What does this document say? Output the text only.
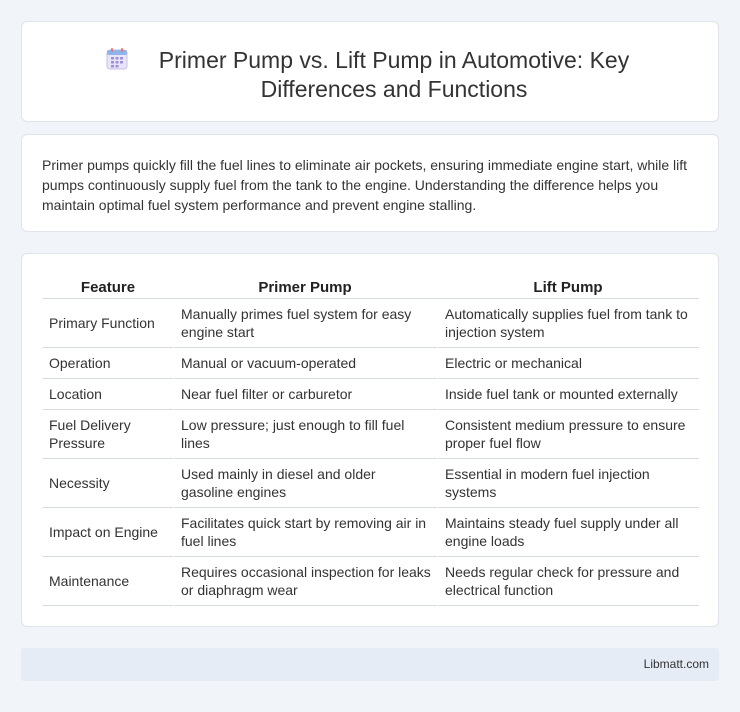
Primer Pump vs. Lift Pump in Automotive: Key Differences and Functions

Primer pumps quickly fill the fuel lines to eliminate air pockets, ensuring immediate engine start, while lift pumps continuously supply fuel from the tank to the engine. Understanding the difference helps you maintain optimal fuel system performance and prevent engine stalling.

Feature	Primer Pump	Lift Pump
Primary Function	Manually primes fuel system for easy engine start	Automatically supplies fuel from tank to injection system
Operation	Manual or vacuum-operated	Electric or mechanical
Location	Near fuel filter or carburetor	Inside fuel tank or mounted externally
Fuel Delivery Pressure	Low pressure; just enough to fill fuel lines	Consistent medium pressure to ensure proper fuel flow
Necessity	Used mainly in diesel and older gasoline engines	Essential in modern fuel injection systems
Impact on Engine	Facilitates quick start by removing air in fuel lines	Maintains steady fuel supply under all engine loads
Maintenance	Requires occasional inspection for leaks or diaphragm wear	Needs regular check for pressure and electrical function
Libmatt.com
